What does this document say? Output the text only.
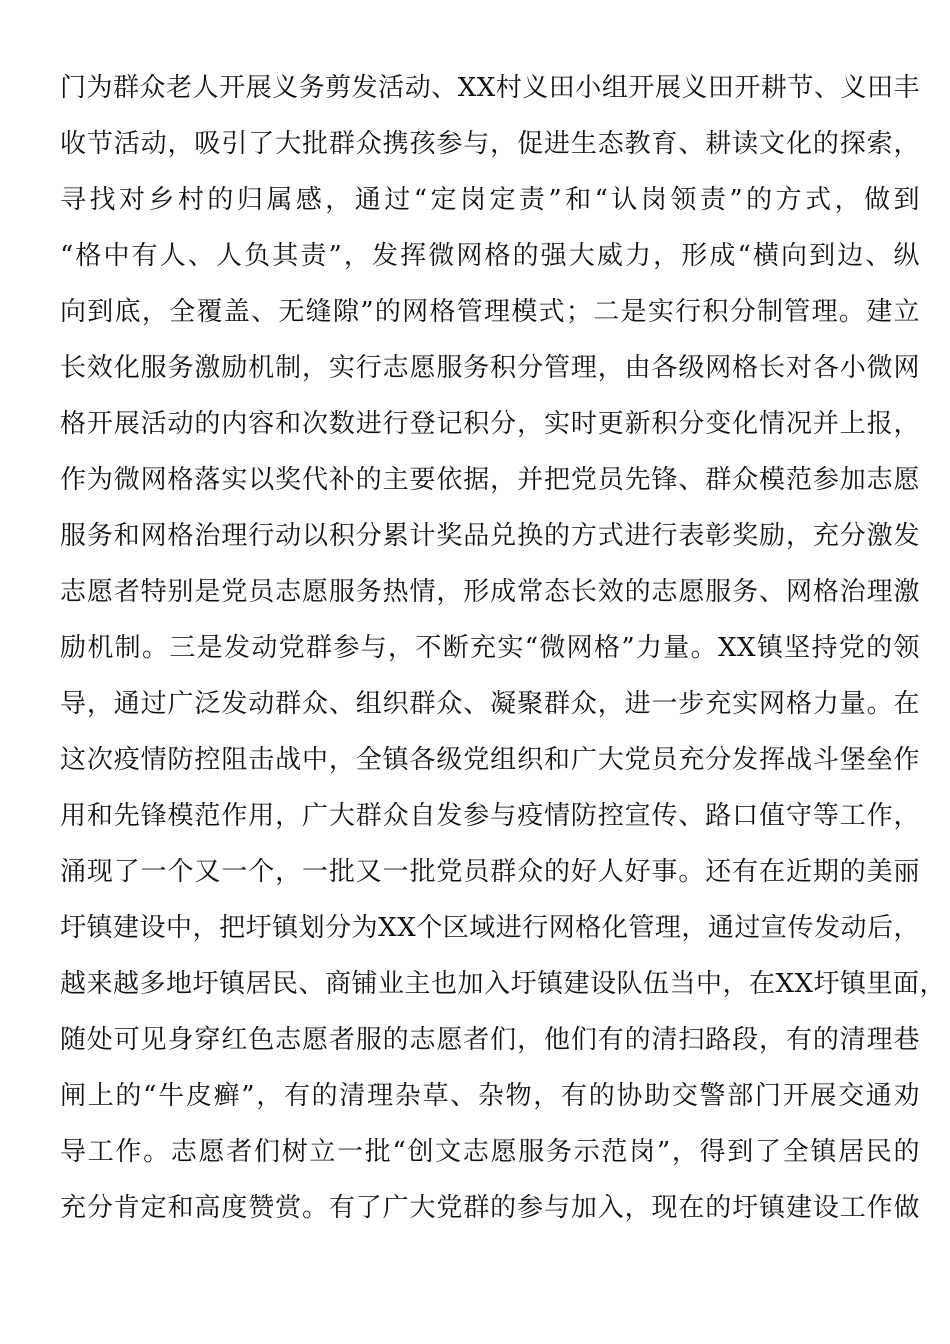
门为群众老人开展义务剪发活动、XX村义田小组开展义田开耕节、义田丰
收节活动，吸引了大批群众携孩参与，促进生态教育、耕读文化的探索，
寻找对乡村的归属感，通过“定岗定责”和“认岗领责”的方式，做到
“格中有人、人负其责”，发挥微网格的强大威力，形成“横向到边、纵
向到底，全覆盖、无缝隙”的网格管理模式；二是实行积分制管理。建立
长效化服务激励机制，实行志愿服务积分管理，由各级网格长对各小微网
格开展活动的内容和次数进行登记积分，实时更新积分变化情况并上报，
作为微网格落实以奖代补的主要依据，并把党员先锋、群众模范参加志愿
服务和网格治理行动以积分累计奖品兑换的方式进行表彰奖励，充分激发
志愿者特别是党员志愿服务热情，形成常态长效的志愿服务、网格治理激
励机制。三是发动党群参与，不断充实“微网格”力量。XX镇坚持党的领
导，通过广泛发动群众、组织群众、凝聚群众，进一步充实网格力量。在
这次疫情防控阻击战中，全镇各级党组织和广大党员充分发挥战斗堡垒作
用和先锋模范作用，广大群众自发参与疫情防控宣传、路口值守等工作，
涌现了一个又一个，一批又一批党员群众的好人好事。还有在近期的美丽
圩镇建设中，把圩镇划分为XX个区域进行网格化管理，通过宣传发动后，
越来越多地圩镇居民、商铺业主也加入圩镇建设队伍当中，在XX圩镇里面，
随处可见身穿红色志愿者服的志愿者们，他们有的清扫路段，有的清理巷
闸上的“牛皮癣”，有的清理杂草、杂物，有的协助交警部门开展交通劝
导工作。志愿者们树立一批“创文志愿服务示范岗”，得到了全镇居民的
充分肯定和高度赞赏。有了广大党群的参与加入，现在的圩镇建设工作做
